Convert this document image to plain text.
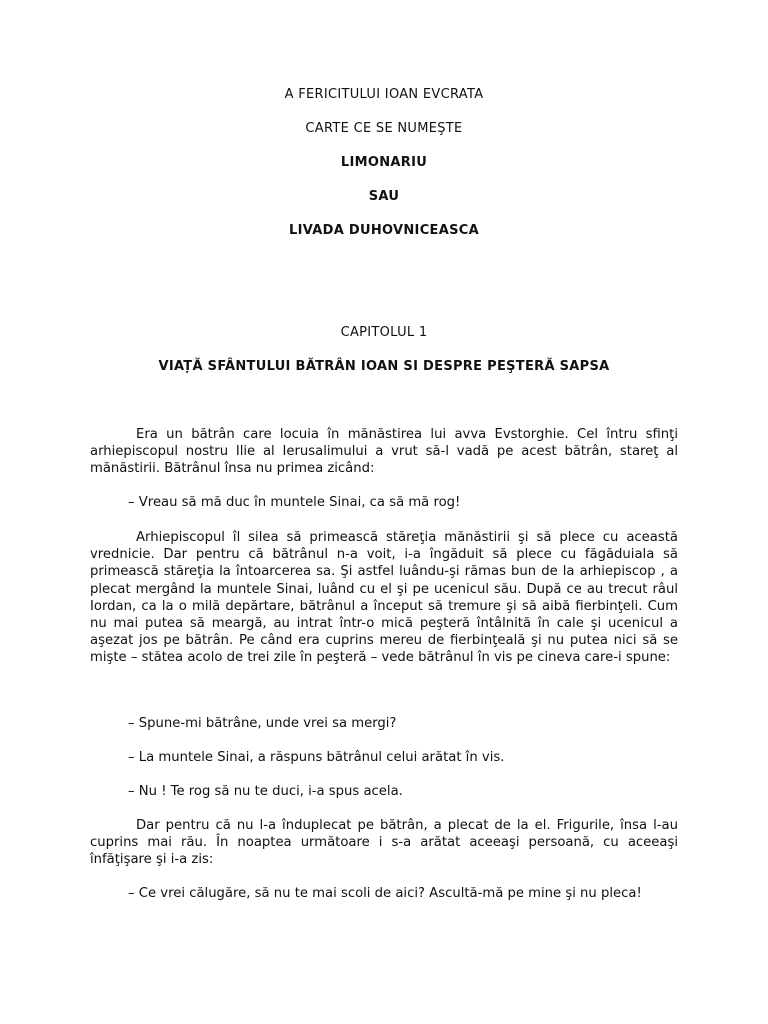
A FERICITULUI IOAN EVCRATA
CARTE CE SE NUMEŞTE
LIMONARIU
SAU
LIVADA DUHOVNICEASCA
CAPITOLUL 1
VIAȚĂ SFÂNTULUI BĂTRÂN IOAN SI DESPRE PEŞTERĂ SAPSA
Era un bătrân care locuia în mănăstirea lui avva Evstorghie. Cel întru sfinţi arhiepiscopul nostru Ilie al Ierusalimului a vrut să-l vadă pe acest bătrân, stareţ al mănăstirii. Bătrânul însa nu primea zicând:
– Vreau să mă duc în muntele Sinai, ca să mă rog!
Arhiepiscopul îl silea să primească stăreţia mănăstirii şi să plece cu această vrednicie. Dar pentru că bătrânul n-a voit, i-a îngăduit să plece cu făgăduiala să primească stăreţia la întoarcerea sa. Şi astfel luându-şi rămas bun de la arhiepiscop , a plecat mergând la muntele Sinai, luând cu el şi pe ucenicul său. După ce au trecut râul Iordan, ca la o milă depărtare, bătrânul a început să tremure şi să aibă fierbinţeli. Cum nu mai putea să meargă, au intrat într-o mică peşteră întâlnită în cale şi ucenicul a aşezat jos pe bătrân. Pe când era cuprins mereu de fierbinţeală şi nu putea nici să se mişte – stătea acolo de trei zile în peşteră – vede bătrânul în vis pe cineva care-i spune:
– Spune-mi bătrâne, unde vrei sa mergi?
– La muntele Sinai, a răspuns bătrânul celui arătat în vis.
– Nu ! Te rog să nu te duci, i-a spus acela.
Dar pentru că nu l-a înduplecat pe bătrân, a plecat de la el. Frigurile, însa l-au cuprins mai rău. În noaptea următoare i s-a arătat aceeaşi persoană, cu aceeaşi înfăţişare şi i-a zis:
– Ce vrei călugăre, să nu te mai scoli de aici? Ascultă-mă pe mine şi nu pleca!
